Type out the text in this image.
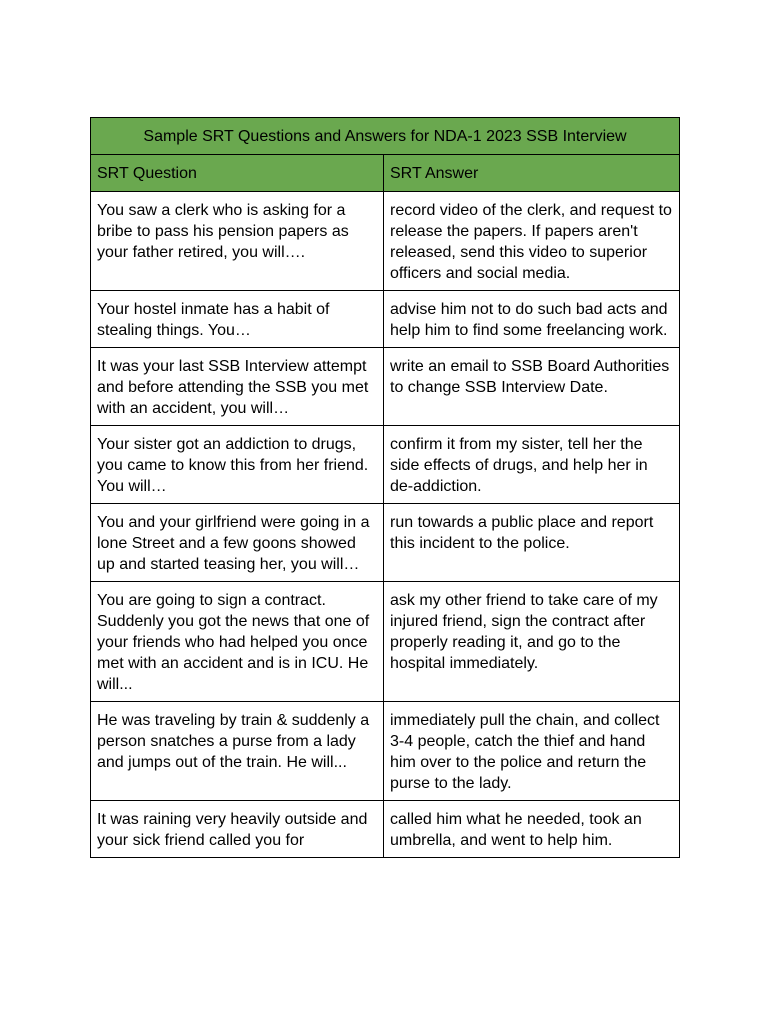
Sample SRT Questions and Answers for NDA-1 2023 SSB Interview	
SRT Question	SRT Answer
You saw a clerk who is asking for a bribe to pass his pension papers as your father retired, you will….	record video of the clerk, and request to release the papers. If papers aren't released, send this video to superior officers and social media.
Your hostel inmate has a habit of stealing things. You…	advise him not to do such bad acts and help him to find some freelancing work.
It was your last SSB Interview attempt and before attending the SSB you met with an accident, you will…	write an email to SSB Board Authorities to change SSB Interview Date.
Your sister got an addiction to drugs, you came to know this from her friend. You will…	confirm it from my sister, tell her the side effects of drugs, and help her in de-addiction.
You and your girlfriend were going in a lone Street and a few goons showed up and started teasing her, you will…	run towards a public place and report this incident to the police.
You are going to sign a contract. Suddenly you got the news that one of your friends who had helped you once met with an accident and is in ICU. He will...	ask my other friend to take care of my injured friend, sign the contract after properly reading it, and go to the hospital immediately.
He was traveling by train & suddenly a person snatches a purse from a lady and jumps out of the train. He will...	immediately pull the chain, and collect 3-4 people, catch the thief and hand him over to the police and return the purse to the lady.
It was raining very heavily outside and your sick friend called you for	called him what he needed, took an umbrella, and went to help him.
